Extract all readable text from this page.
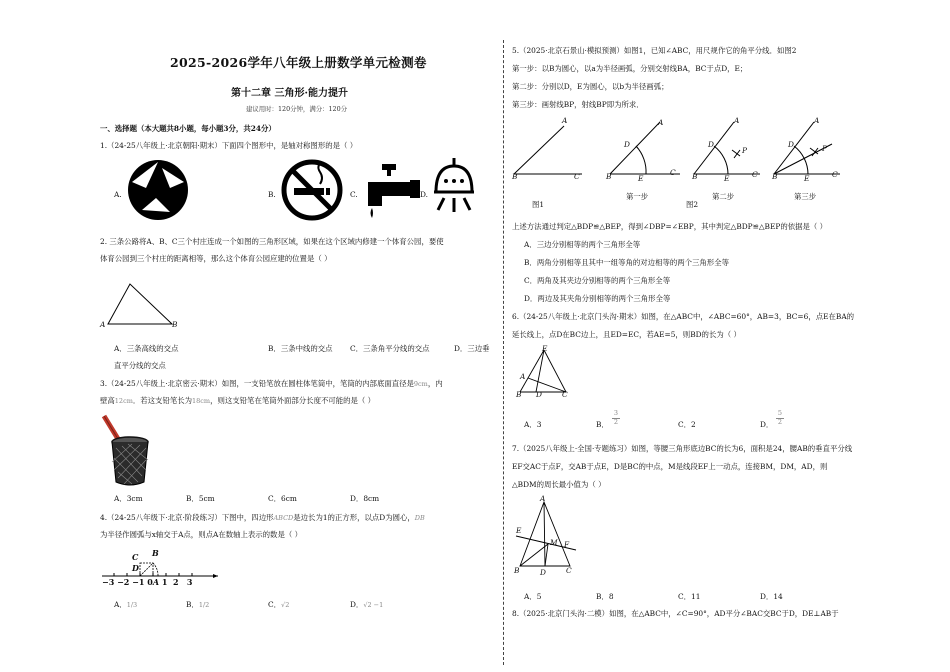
2025-2026学年八年级上册数学单元检测卷
第十二章 三角形·能力提升
建议用时：120分钟，满分：120分
一、选择题（本大题共8小题，每小题3分，共24分）
1.（24-25八年级上·北京朝阳·期末）下面四个图形中，是轴对称图形的是（ ）
A.	B.	C.	D.
2. 三条公路将A、B、C三个村庄连成一个如图的三角形区域，如果在这个区域内修建一个体育公园，要使
体育公园到三个村庄的距离相等，那么这个体育公园应建的位置是（ ）
A	B
A．三条高线的交点	B．三条中线的交点 C．三条角平分线的交点	D．三边垂
直平分线的交点
3.（24-25八年级上·北京密云·期末）如图，一支铅笔放在圆柱体笔筒中，笔筒的内部底面直径是9cm，内
壁高12cm．若这支铅笔长为18cm，则这支铅笔在笔筒外面部分长度不可能的是（ ）
A．3cm	B．5cm	C．6cm	D．8cm
4.（24-25八年级下·北京·阶段练习）下图中，四边形ABCD是边长为1的正方形，以点D为圆心，DB
为半径作圆弧与x轴交于A点，则点A在数轴上表示的数是（ ）
C B
D
−3 −2 −1 0A 1 2 3
A．1/3	B．1/2	C．√2	D．√2 −1
5.（2025·北京石景山·模拟预测）如图1，已知∠ABC，用尺规作它的角平分线．如图2
第一步：以B为圆心，以a为半径画弧，分别交射线BA，BC于点D，E；
第二步：分别以D，E为圆心，以b为半径画弧；
第三步：画射线BP，射线BP即为所求．
A
B	C
A
D
B	E
C
A
D
P
B	E	C
A
D	P
B	E	C
图1	图2
第一步	第二步	第三步
上述方法通过判定△BDP≌△BEP，得到∠DBP=∠EBP，其中判定△BDP≌△BEP的依据是（ ）
A．三边分别相等的两个三角形全等
B．两角分别相等且其中一组等角的对边相等的两个三角形全等
C．两角及其夹边分别相等的两个三角形全等
D．两边及其夹角分别相等的两个三角形全等
6.（24-25八年级上·北京门头沟·期末）如图，在△ABC中，∠ABC=60°，AB=3，BC=6，点E在BA的
延长线上，点D在BC边上，且ED=EC，若AE=5，则BD的长为（ ）
E
A
B D	C
A．3	B．
3
2	C．2	D．
5
2
7.（2025八年级上·全国·专题练习）如图，等腰三角形底边BC的长为6，面积是24，腰AB的垂直平分线
EF交AC于点F，交AB于点E，D是BC的中点，M是线段EF上一动点，连接BM，DM，AD，则
△BDM的周长最小值为（ ）
A
E
M F
B	D	C
A．5	B．8	C．11	D．14
8.（2025·北京门头沟·二模）如图，在△ABC中，∠C=90°，AD平分∠BAC交BC于D，DE⊥AB于
